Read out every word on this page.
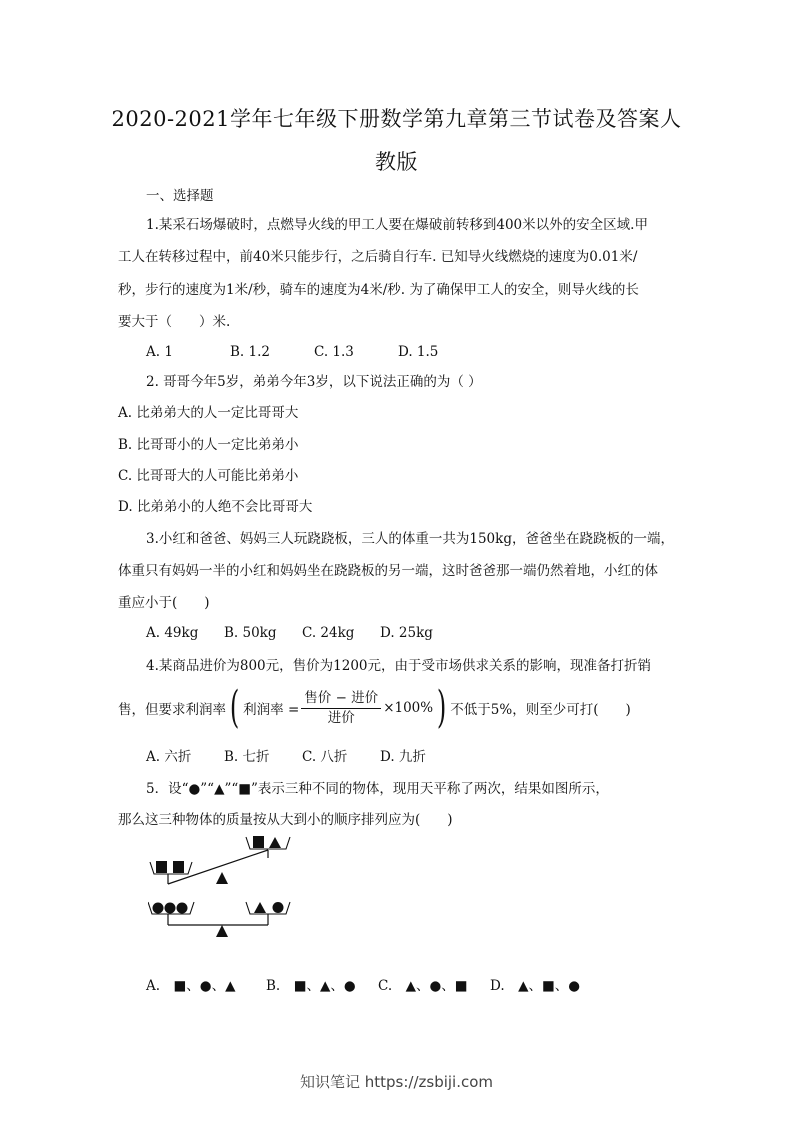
2020-2021学年七年级下册数学第九章第三节试卷及答案人
教版
一、选择题
1.某采石场爆破时，点燃导火线的甲工人要在爆破前转移到400米以外的安全区域.甲
工人在转移过程中，前40米只能步行，之后骑自行车. 已知导火线燃烧的速度为0.01米/
秒，步行的速度为1米/秒，骑车的速度为4米/秒. 为了确保甲工人的安全，则导火线的长
要大于（　　）米.
A. 1	B. 1.2	C. 1.3	D. 1.5
2. 哥哥今年5岁，弟弟今年3岁，以下说法正确的为（ ）
A. 比弟弟大的人一定比哥哥大
B. 比哥哥小的人一定比弟弟小
C. 比哥哥大的人可能比弟弟小
D. 比弟弟小的人绝不会比哥哥大
3.小红和爸爸、妈妈三人玩跷跷板，三人的体重一共为150kg，爸爸坐在跷跷板的一端，
体重只有妈妈一半的小红和妈妈坐在跷跷板的另一端，这时爸爸那一端仍然着地，小红的体
重应小于(　　)
A. 49kg B. 50kg C. 24kg D. 25kg
4.某商品进价为800元，售价为1200元，由于受市场供求关系的影响，现准备打折销
售，但要求利润率 ( 利润率 = $\frac{\text{售价 − 进价}}{\text{进价}} \times 100\%$ ) 不低于5%，则至少可打(　　)
A. 六折 B. 七折 C. 八折 D. 九折
5．设“●”“▲”“■”表示三种不同的物体，现用天平称了两次，结果如图所示，
那么这三种物体的质量按从大到小的顺序排列应为(　　)
A.　■、●、▲ B.　■、▲、● C.　▲、●、■ D.　▲、■、●
知识笔记 https://zsbiji.com
